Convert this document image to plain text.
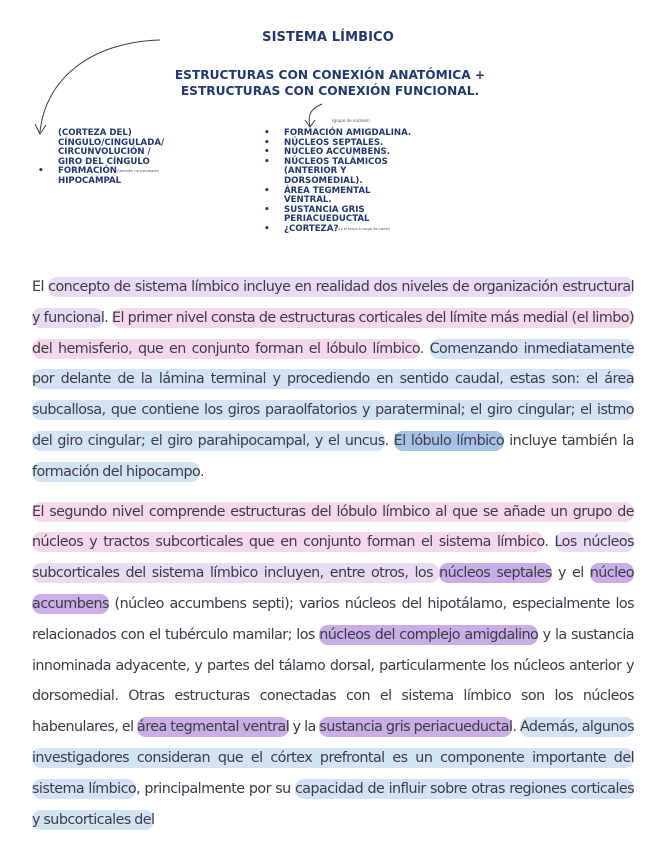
SISTEMA LÍMBICO
ESTRUCTURAS CON CONEXIÓN ANATÓMICA +
ESTRUCTURAS CON CONEXIÓN FUNCIONAL.
(grupo de núcleos)
(CORTEZA DEL)
CÍNGULO/CINGULADA/
CIRCUNVOLUCIÓN /
GIRO DEL CÍNGULO
• $FORMACIÓN^{(también ha estudiado)}$
HIPOCAMPAL
• FORMACIÓN AMIGDALINA.
• NÚCLEOS SEPTALES.
• NÚCLEO ACCUMBENS.
• NÚCLEOS TALÁMICOS
(ANTERIOR Y
DORSOMEDIAL).
• ÁREA TEGMENTAL
VENTRAL.
• SUSTANCIA GRIS
PERIACUEDUCTAL
• ¿CORTEZA?$^{Es el tema a cargo de cortex}$

El concepto de sistema límbico incluye en realidad dos niveles de organización estructural y funcional. El primer nivel consta de estructuras corticales del límite más medial (el limbo) del hemisferio, que en conjunto forman el lóbulo límbico. Comenzando inmediatamente por delante de la lámina terminal y procediendo en sentido caudal, estas son: el área subcallosa, que contiene los giros paraolfatorios y paraterminal; el giro cingular; el istmo del giro cingular; el giro parahipocampal, y el uncus. El lóbulo límbico incluye también la formación del hipocampo.

El segundo nivel comprende estructuras del lóbulo límbico al que se añade un grupo de núcleos y tractos subcorticales que en conjunto forman el sistema límbico. Los núcleos subcorticales del sistema límbico incluyen, entre otros, los núcleos septales y el núcleo accumbens (núcleo accumbens septi); varios núcleos del hipotálamo, especialmente los relacionados con el tubérculo mamilar; los núcleos del complejo amigdalino y la sustancia innominada adyacente, y partes del tálamo dorsal, particularmente los núcleos anterior y dorsomedial. Otras estructuras conectadas con el sistema límbico son los núcleos habenulares, el área tegmental ventral y la sustancia gris periacueductal. Además, algunos investigadores consideran que el córtex prefrontal es un componente importante del sistema límbico, principalmente por su capacidad de influir sobre otras regiones corticales y subcorticales del
